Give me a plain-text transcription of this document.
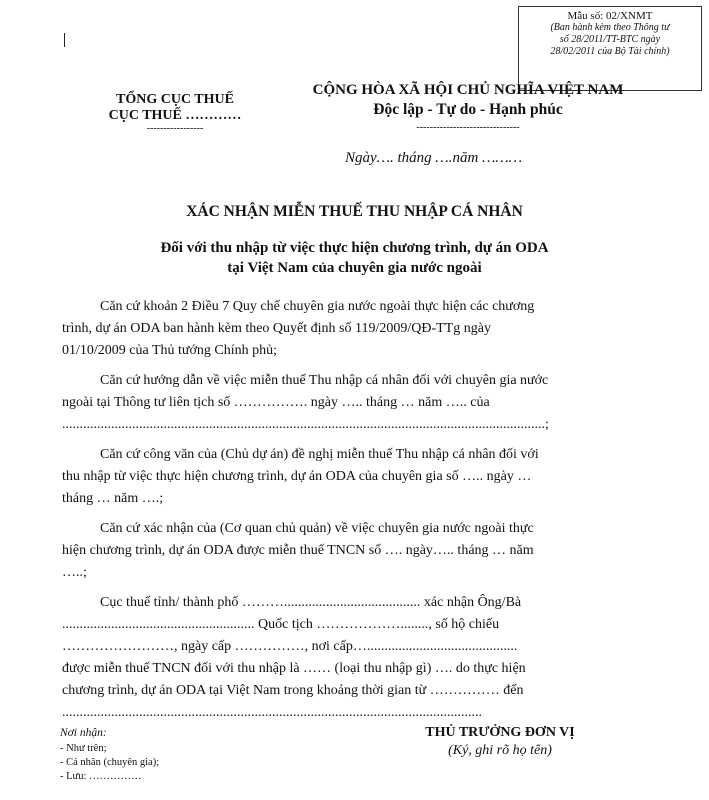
Mẫu số: 02/XNMT
(Ban hành kèm theo Thông tư
số 28/2011/TT-BTC ngày
28/02/2011 của Bộ Tài chính)
TỔNG CỤC THUẾ
CỤC THUẾ …………
-----------------
CỘNG HÒA XÃ HỘI CHỦ NGHĨA VIỆT NAM
Độc lập - Tự do - Hạnh phúc
-------------------------------
Ngày…. tháng ….năm ………
XÁC NHẬN MIỄN THUẾ THU NHẬP CÁ NHÂN
Đối với thu nhập từ việc thực hiện chương trình, dự án ODA
tại Việt Nam của chuyên gia nước ngoài

Căn cứ khoản 2 Điều 7 Quy chế chuyên gia nước ngoài thực hiện các chương
trình, dự án ODA ban hành kèm theo Quyết định số 119/2009/QĐ-TTg ngày
01/10/2009 của Thủ tướng Chính phủ;

Căn cứ hướng dẫn về việc miễn thuế Thu nhập cá nhân đối với chuyên gia nước
ngoài tại Thông tư liên tịch số ……………. ngày ….. tháng … năm ….. của
..........................................................................................................................................;

Căn cứ công văn của (Chủ dự án) đề nghị miễn thuế Thu nhập cá nhân đối với
thu nhập từ việc thực hiện chương trình, dự án ODA của chuyên gia số ….. ngày …
tháng … năm ….;

Căn cứ xác nhận của (Cơ quan chủ quản) về việc chuyên gia nước ngoài thực
hiện chương trình, dự án ODA được miễn thuế TNCN số …. ngày….. tháng … năm
…..;

Cục thuế tỉnh/ thành phố ………....................................... xác nhận Ông/Bà
....................................................... Quốc tịch ………………........, số hộ chiếu
……………………, ngày cấp ……………, nơi cấp…...........................................
được miễn thuế TNCN đối với thu nhập là …… (loại thu nhập gì) …. do thực hiện
chương trình, dự án ODA tại Việt Nam trong khoảng thời gian từ …………… đến
........................................................................................................................

Nơi nhận:
- Như trên;
- Cá nhân (chuyên gia);
- Lưu: ……………
THỦ TRƯỞNG ĐƠN VỊ
(Ký, ghi rõ họ tên)
